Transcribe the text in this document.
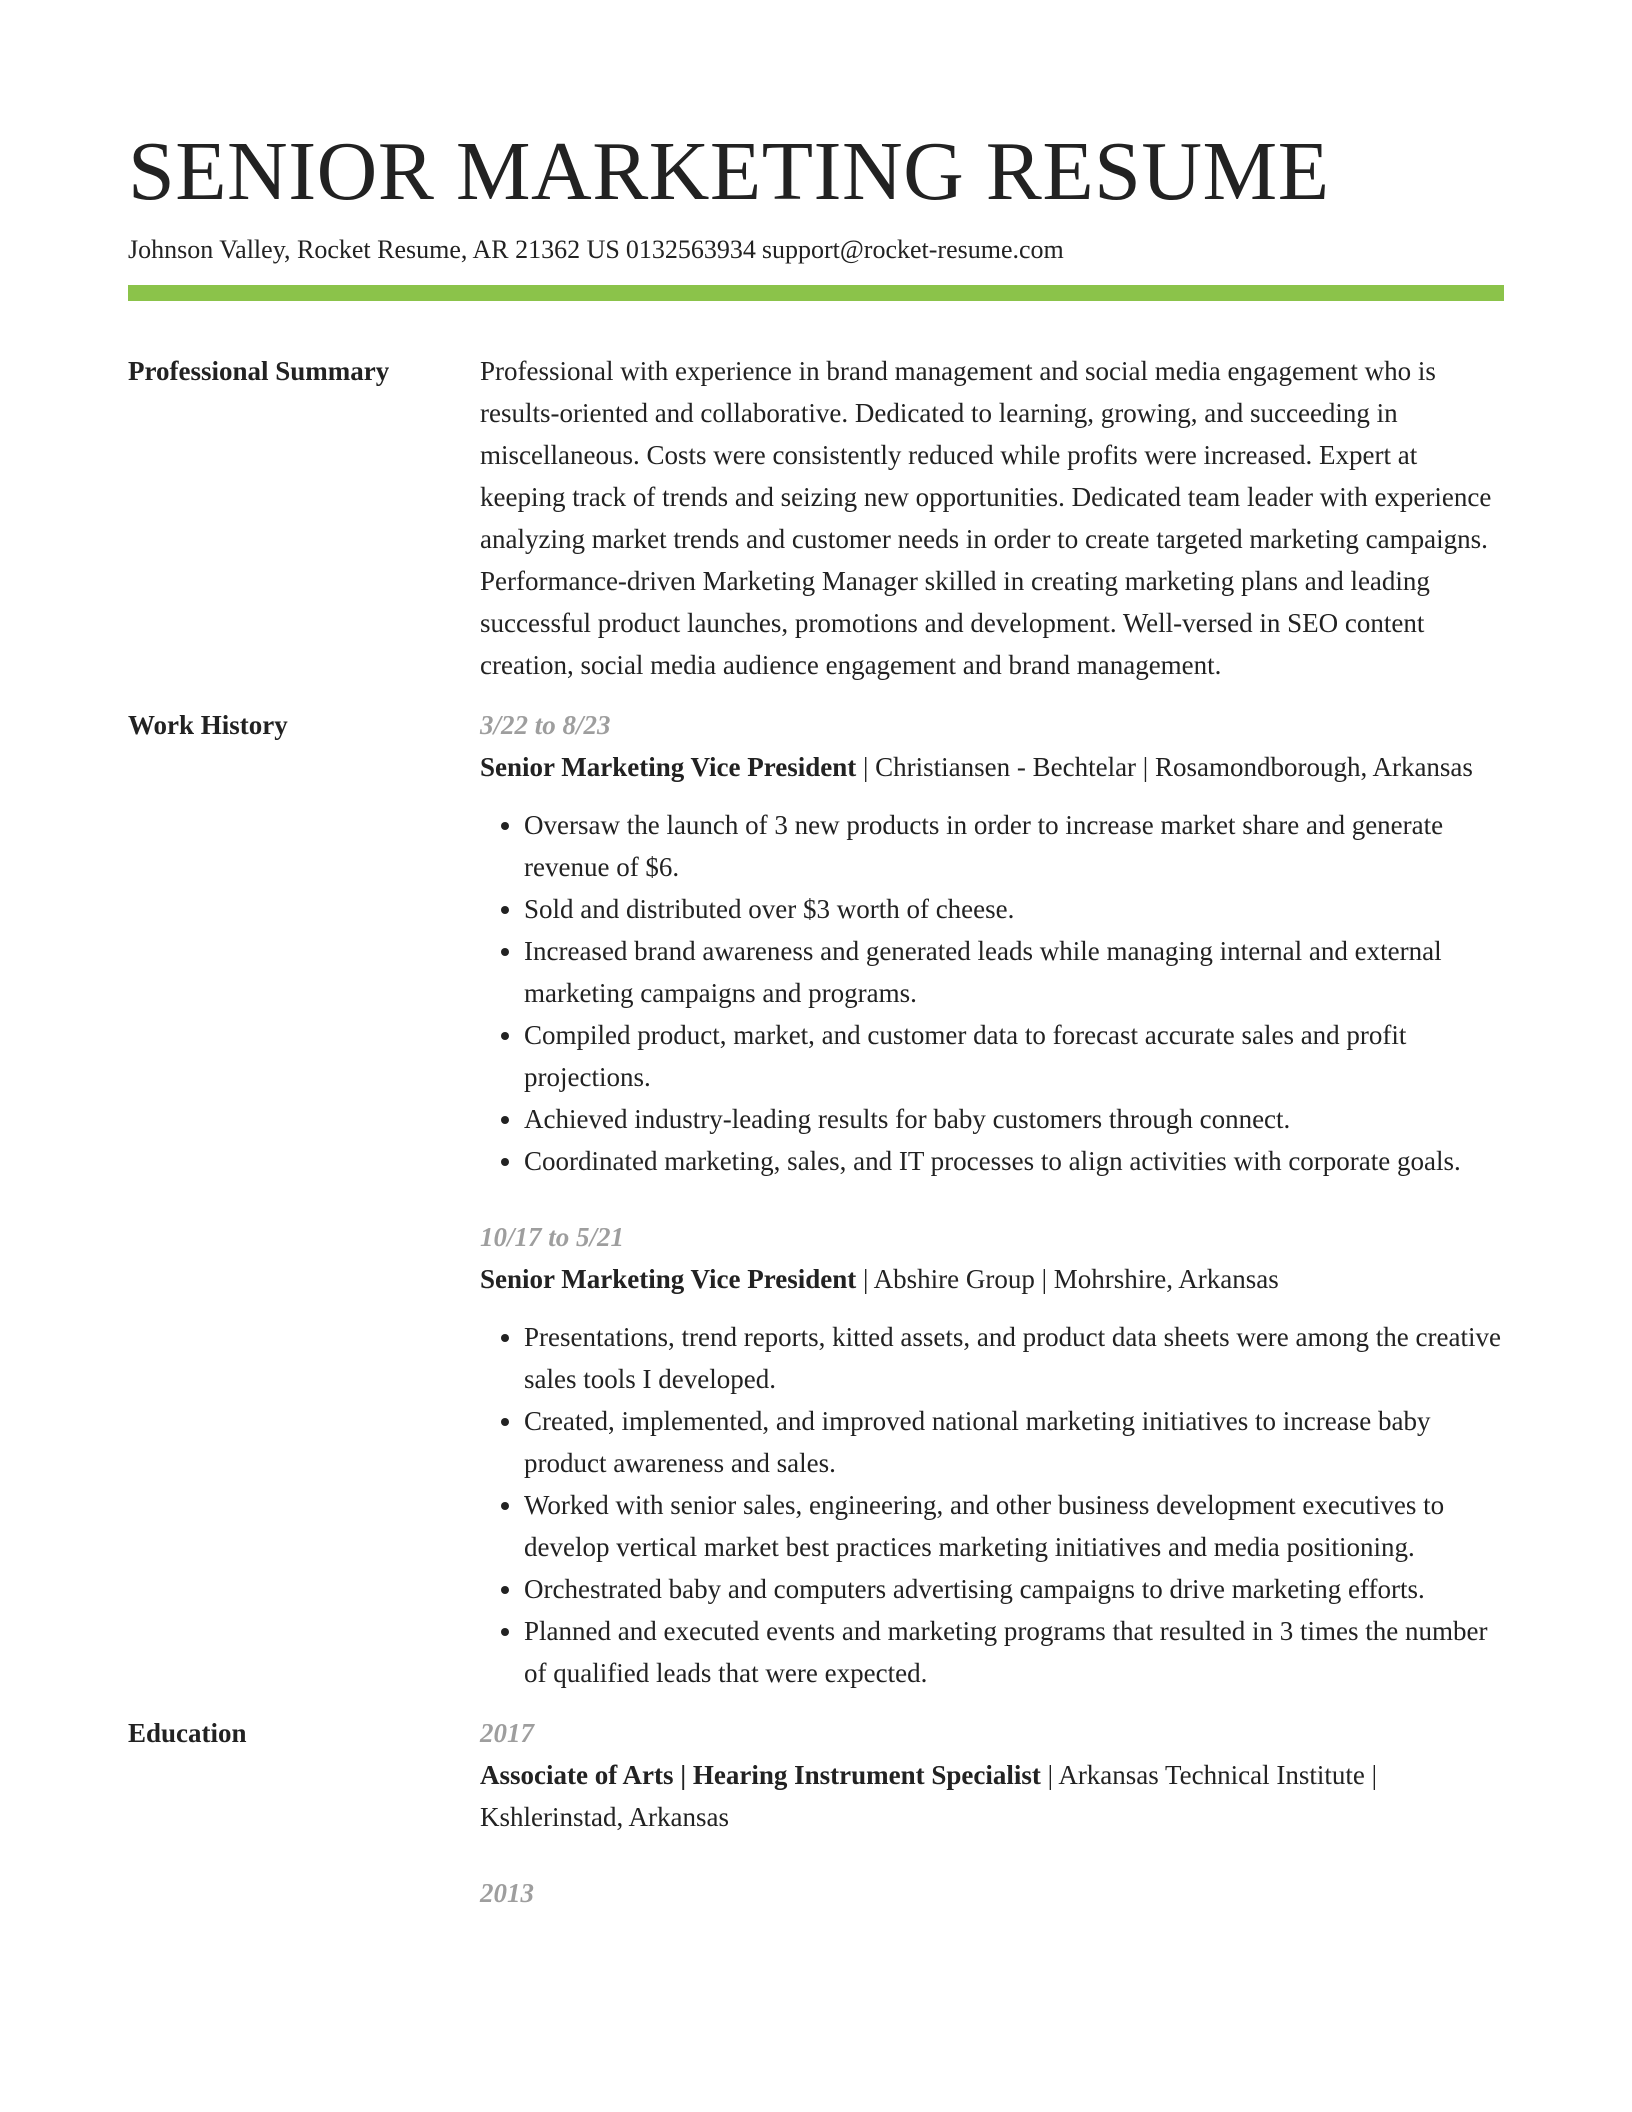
SENIOR MARKETING RESUME
Johnson Valley, Rocket Resume, AR 21362 US 0132563934 support@rocket-resume.com
Professional Summary	Professional with experience in brand management and social media engagement who is results-oriented and collaborative. Dedicated to learning, growing, and succeeding in miscellaneous. Costs were consistently reduced while profits were increased. Expert at keeping track of trends and seizing new opportunities. Dedicated team leader with experience analyzing market trends and customer needs in order to create targeted marketing campaigns. Performance-driven Marketing Manager skilled in creating marketing plans and leading successful product launches, promotions and development. Well-versed in SEO content creation, social media audience engagement and brand management.

Work History	3/22 to 8/23

Senior Marketing Vice President | Christiansen - Bechtelar | Rosamondborough, Arkansas

• Oversaw the launch of 3 new products in order to increase market share and generate revenue of $6.
• Sold and distributed over $3 worth of cheese.
• Increased brand awareness and generated leads while managing internal and external marketing campaigns and programs.
• Compiled product, market, and customer data to forecast accurate sales and profit projections.
• Achieved industry-leading results for baby customers through connect.
• Coordinated marketing, sales, and IT processes to align activities with corporate goals.
10/17 to 5/21

Senior Marketing Vice President | Abshire Group | Mohrshire, Arkansas

• Presentations, trend reports, kitted assets, and product data sheets were among the creative sales tools I developed.
• Created, implemented, and improved national marketing initiatives to increase baby product awareness and sales.
• Worked with senior sales, engineering, and other business development executives to develop vertical market best practices marketing initiatives and media positioning.
• Orchestrated baby and computers advertising campaigns to drive marketing efforts.
• Planned and executed events and marketing programs that resulted in 3 times the number of qualified leads that were expected.
Education	2017

Associate of Arts | Hearing Instrument Specialist | Arkansas Technical Institute | Kshlerinstad, Arkansas

2013
